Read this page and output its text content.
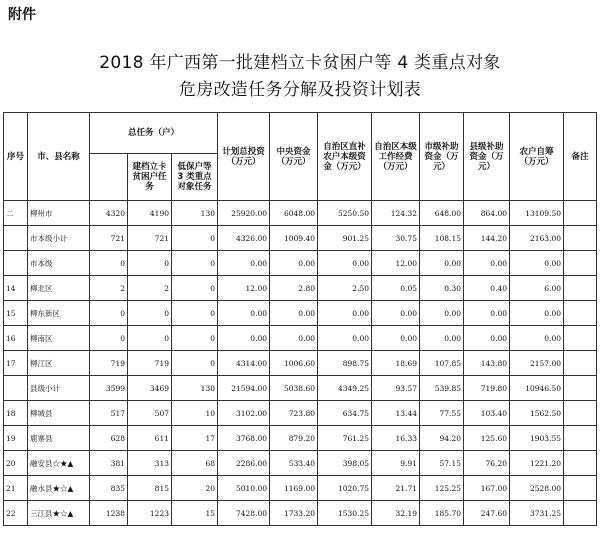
附件
2018 年广西第一批建档立卡贫困户等 4 类重点对象
危房改造任务分解及投资计划表
序号	市、县名称	总任务（户）			计划总投资（万元）	中央资金（万元）	自治区直补农户本级资金（万元）	自治区本级工作经费（万元）	市级补助资金（万元）	县级补助资金（万元）	农户自筹（万元）	备注
			建档立卡贫困户任务	低保户等 3 类重点对象任务								
二	柳州市	4320	4190	130	25920.00	6048.00	5250.50	124.32	648.00	864.00	13109.50	
	市本级小计	721	721	0	4326.00	1009.40	901.25	30.75	108.15	144.20	2163.00	
	市本级	0	0	0	0.00	0.00	0.00	12.00	0.00	0.00	0.00	
14	柳北区	2	2	0	12.00	2.80	2.50	0.05	0.30	0.40	6.00	
15	柳东新区	0	0	0	0.00	0.00	0.00	0.00	0.00	0.00	0.00	
16	柳南区	0	0	0	0.00	0.00	0.00	0.00	0.00	0.00	0.00	
17	柳江区	719	719	0	4314.00	1006.60	898.75	18.69	107.85	143.80	2157.00	
	县级小计	3599	3469	130	21594.00	5038.60	4349.25	93.57	539.85	719.80	10946.50	
18	柳城县	517	507	10	3102.00	723.80	634.75	13.44	77.55	103.40	1562.50	
19	鹿寨县	628	611	17	3768.00	879.20	761.25	16.33	94.20	125.60	1903.55	
20	融安县☆★▲	381	313	68	2286.00	533.40	398.05	9.91	57.15	76.20	1221.20	
21	融水县★☆▲	835	815	20	5010.00	1169.00	1020.75	21.71	125.25	167.00	2528.00	
22	三江县★☆▲	1238	1223	15	7428.00	1733.20	1530.25	32.19	185.70	247.60	3731.25	
